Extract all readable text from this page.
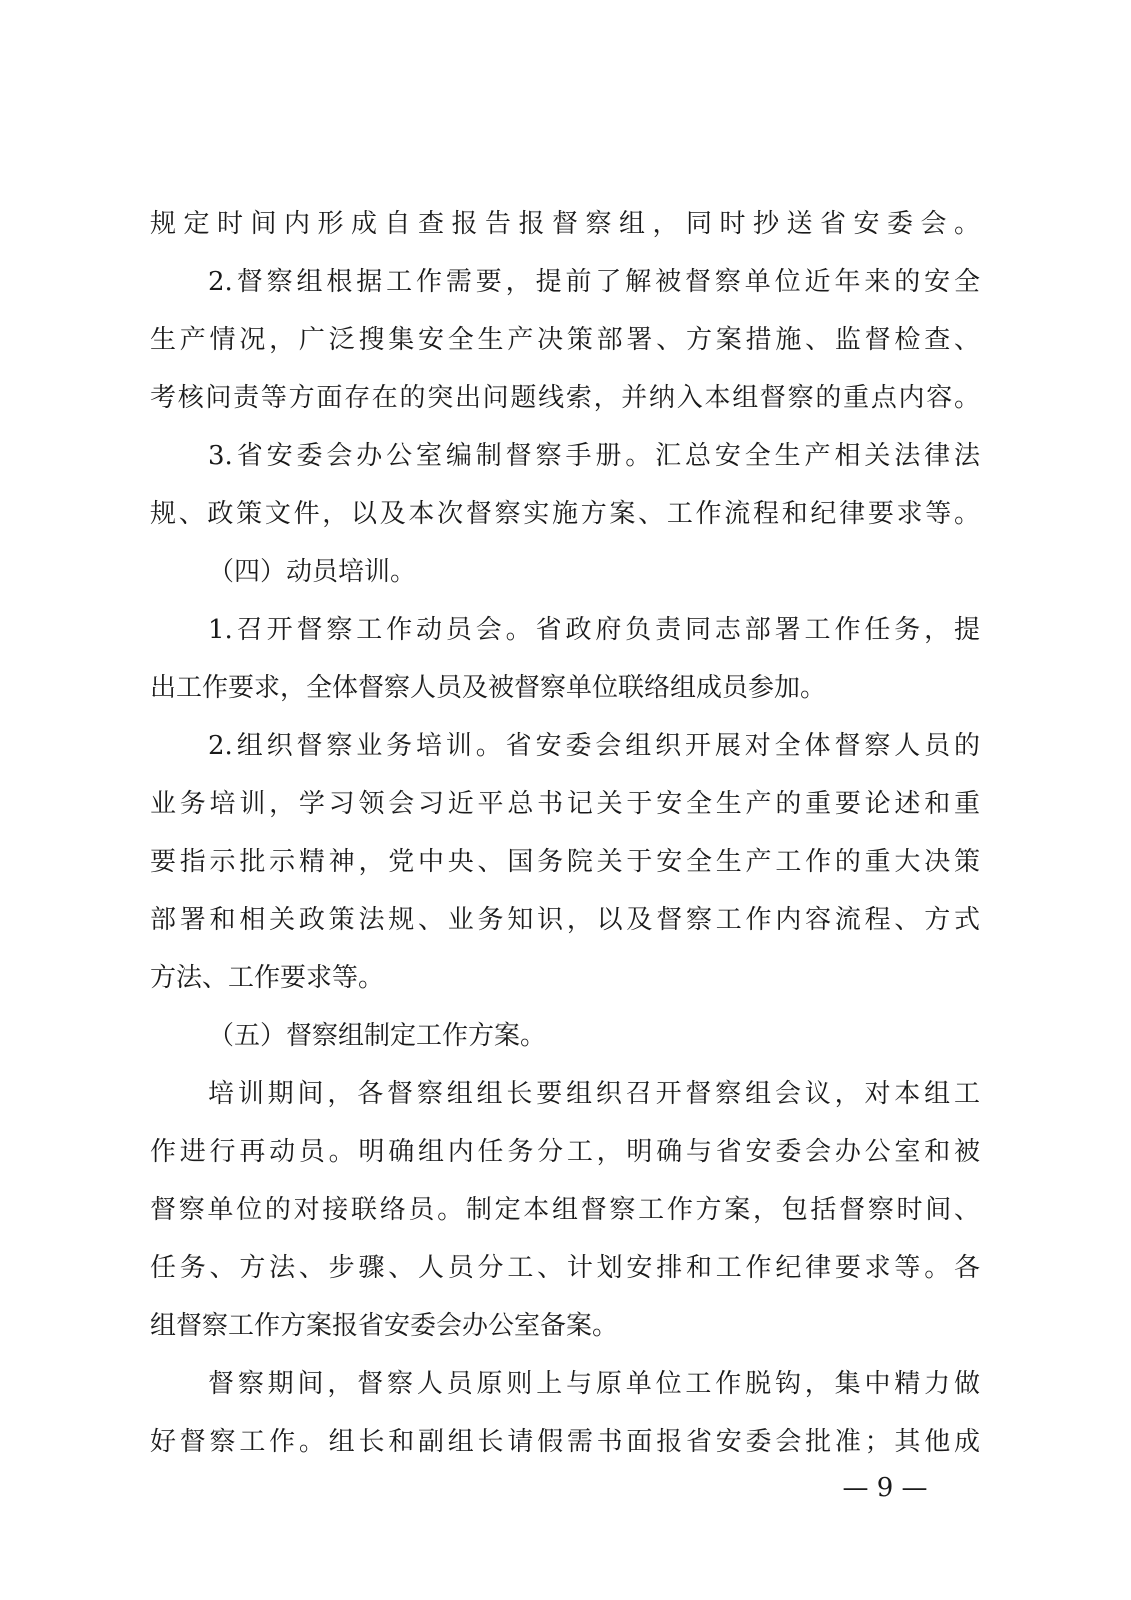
规定时间内形成自查报告报督察组，同时抄送省安委会。
2.督察组根据工作需要，提前了解被督察单位近年来的安全
生产情况，广泛搜集安全生产决策部署、方案措施、监督检查、
考核问责等方面存在的突出问题线索，并纳入本组督察的重点内容。
3.省安委会办公室编制督察手册。汇总安全生产相关法律法
规、政策文件，以及本次督察实施方案、工作流程和纪律要求等。
（四）动员培训。
1.召开督察工作动员会。省政府负责同志部署工作任务，提
出工作要求，全体督察人员及被督察单位联络组成员参加。
2.组织督察业务培训。省安委会组织开展对全体督察人员的
业务培训，学习领会习近平总书记关于安全生产的重要论述和重
要指示批示精神，党中央、国务院关于安全生产工作的重大决策
部署和相关政策法规、业务知识，以及督察工作内容流程、方式
方法、工作要求等。
（五）督察组制定工作方案。
培训期间，各督察组组长要组织召开督察组会议，对本组工
作进行再动员。明确组内任务分工，明确与省安委会办公室和被
督察单位的对接联络员。制定本组督察工作方案，包括督察时间、
任务、方法、步骤、人员分工、计划安排和工作纪律要求等。各
组督察工作方案报省安委会办公室备案。
督察期间，督察人员原则上与原单位工作脱钩，集中精力做
好督察工作。组长和副组长请假需书面报省安委会批准；其他成
— 9 —
